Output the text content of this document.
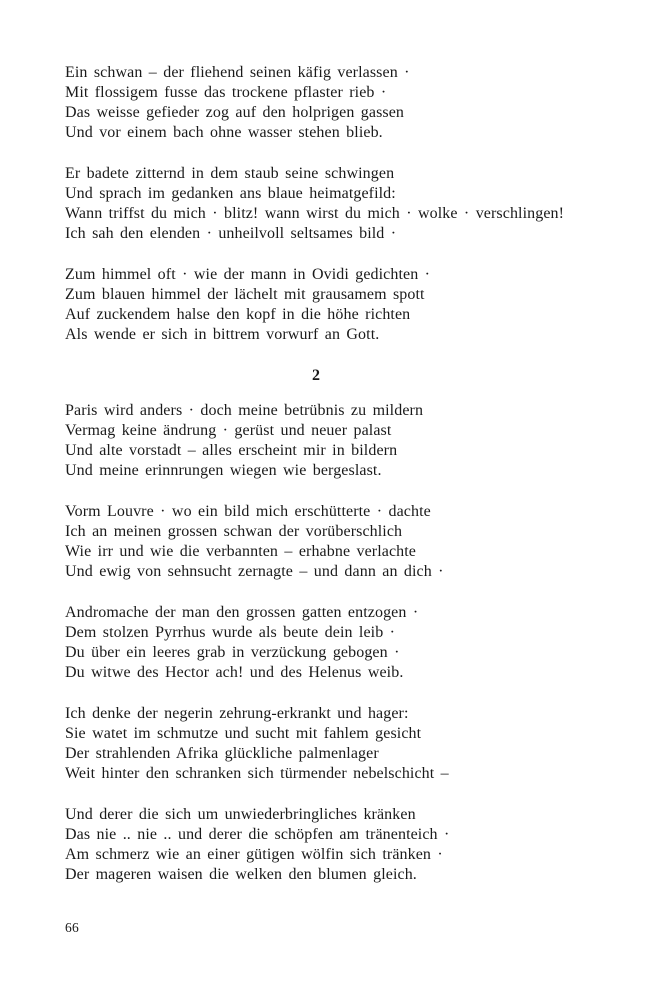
Ein schwan – der fliehend seinen käfig verlassen ·
Mit flossigem fusse das trockene pflaster rieb ·
Das weisse gefieder zog auf den holprigen gassen
Und vor einem bach ohne wasser stehen blieb.
Er badete zitternd in dem staub seine schwingen
Und sprach im gedanken ans blaue heimatgefild:
Wann triffst du mich · blitz! wann wirst du mich · wolke · verschlingen!
Ich sah den elenden · unheilvoll seltsames bild ·
Zum himmel oft · wie der mann in Ovidi gedichten ·
Zum blauen himmel der lächelt mit grausamem spott
Auf zuckendem halse den kopf in die höhe richten
Als wende er sich in bittrem vorwurf an Gott.
2
Paris wird anders · doch meine betrübnis zu mildern
Vermag keine ändrung · gerüst und neuer palast
Und alte vorstadt – alles erscheint mir in bildern
Und meine erinnrungen wiegen wie bergeslast.
Vorm Louvre · wo ein bild mich erschütterte · dachte
Ich an meinen grossen schwan der vorüberschlich
Wie irr und wie die verbannten – erhabne verlachte
Und ewig von sehnsucht zernagte – und dann an dich ·
Andromache der man den grossen gatten entzogen ·
Dem stolzen Pyrrhus wurde als beute dein leib ·
Du über ein leeres grab in verzückung gebogen ·
Du witwe des Hector ach! und des Helenus weib.
Ich denke der negerin zehrung-erkrankt und hager:
Sie watet im schmutze und sucht mit fahlem gesicht
Der strahlenden Afrika glückliche palmenlager
Weit hinter den schranken sich türmender nebelschicht –
Und derer die sich um unwiederbringliches kränken
Das nie .. nie .. und derer die schöpfen am tränenteich ·
Am schmerz wie an einer gütigen wölfin sich tränken ·
Der mageren waisen die welken den blumen gleich.
66
